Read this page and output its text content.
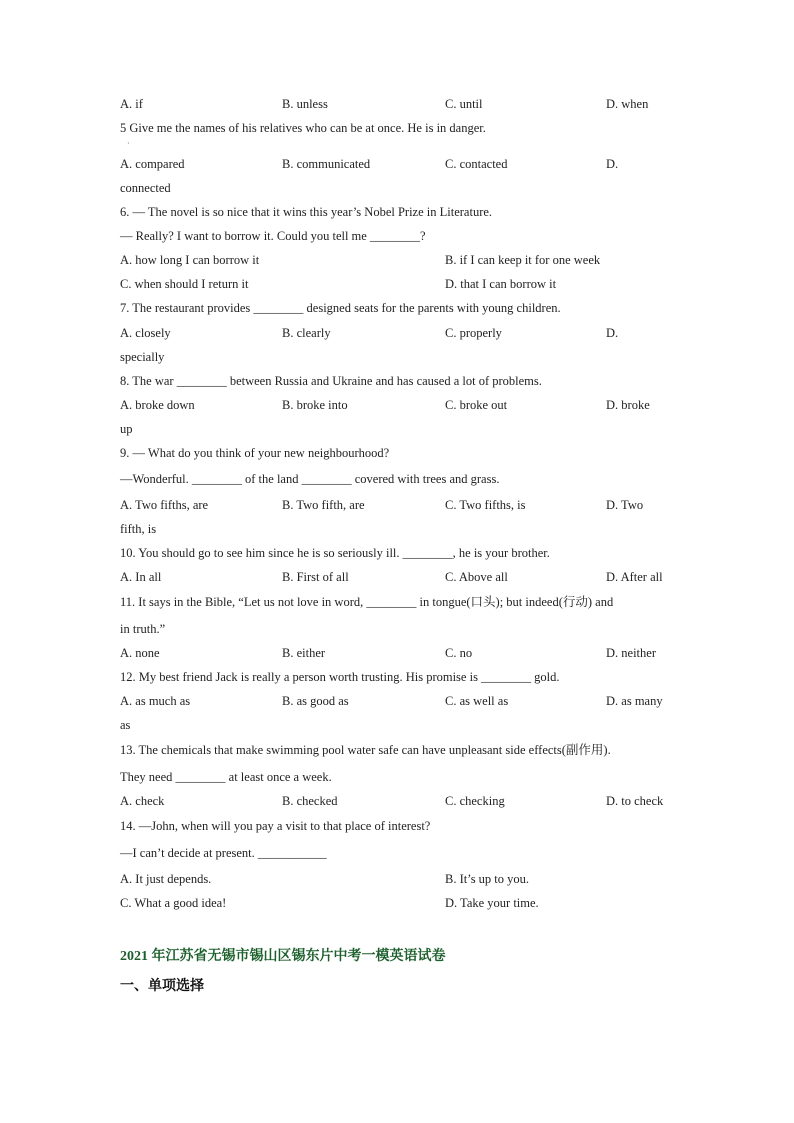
A. if	B. unless	C. until	D. when
5 Give me the names of his relatives who can be at once. He is in danger.
·
A. compared	B. communicated	C. contacted	D.
connected
6. — The novel is so nice that it wins this year’s Nobel Prize in Literature.
— Really? I want to borrow it. Could you tell me ________?
A. how long I can borrow it	B. if I can keep it for one week
C. when should I return it	D. that I can borrow it
7. The restaurant provides ________ designed seats for the parents with young children.
A. closely	B. clearly	C. properly	D.
specially
8. The war ________ between Russia and Ukraine and has caused a lot of problems.
A. broke down	B. broke into	C. broke out	D. broke
up
9. — What do you think of your new neighbourhood?
—Wonderful. ________ of the land ________ covered with trees and grass.
A. Two fifths, are	B. Two fifth, are	C. Two fifths, is	D. Two
fifth, is
10. You should go to see him since he is so seriously ill. ________, he is your brother.
A. In all	B. First of all	C. Above all	D. After all
11. It says in the Bible, “Let us not love in word, ________ in tongue(口头); but indeed(行动) and
in truth.”
A. none	B. either	C. no	D. neither
12. My best friend Jack is really a person worth trusting. His promise is ________ gold.
A. as much as	B. as good as	C. as well as	D. as many
as
13. The chemicals that make swimming pool water safe can have unpleasant side effects(副作用).
They need ________ at least once a week.
A. check	B. checked	C. checking	D. to check
14. —John, when will you pay a visit to that place of interest?
—I can’t decide at present. ___________
A. It just depends.	B. It’s up to you.
C. What a good idea!	D. Take your time.
2021 年江苏省无锡市锡山区锡东片中考一模英语试卷
一、单项选择
